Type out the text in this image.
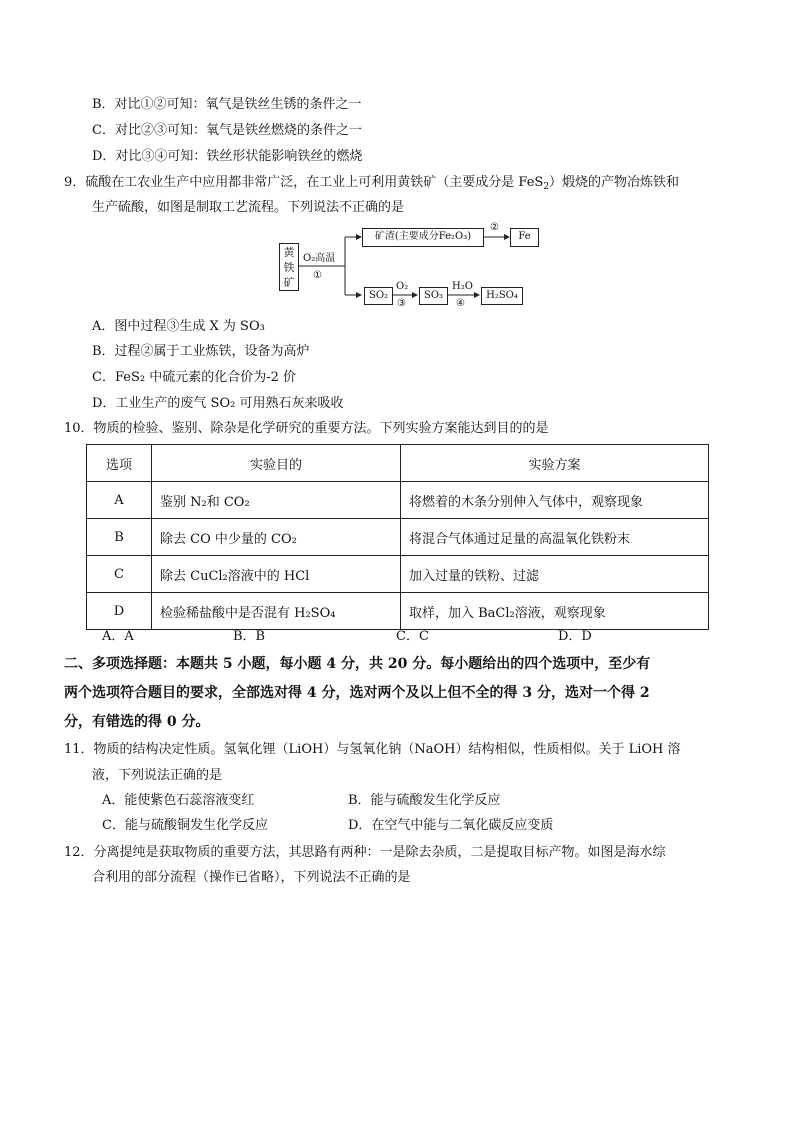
B．对比①②可知：氧气是铁丝生锈的条件之一
C．对比②③可知：氧气是铁丝燃烧的条件之一
D．对比③④可知：铁丝形状能影响铁丝的燃烧
9．硫酸在工农业生产中应用都非常广泛，在工业上可利用黄铁矿（主要成分是 FeS$_2$）煅烧的产物冶炼铁和
生产硫酸，如图是制取工艺流程。下列说法不正确的是
黄铁矿
O₂高温
①
矿渣(主要成分Fe₂O₃)
②
Fe
SO₂
O₂
③
SO₃
H₂O
④
H₂SO₄
A．图中过程③生成 X 为 SO₃
B．过程②属于工业炼铁，设备为高炉
C．FeS₂ 中硫元素的化合价为-2 价
D．工业生产的废气 SO₂ 可用熟石灰来吸收
10．物质的检验、鉴别、除杂是化学研究的重要方法。下列实验方案能达到目的的是
选项	实验目的	实验方案
A	鉴别 N₂和 CO₂	将燃着的木条分别伸入气体中，观察现象
B	除去 CO 中少量的 CO₂	将混合气体通过足量的高温氧化铁粉末
C	除去 CuCl₂溶液中的 HCl	加入过量的铁粉、过滤
D	检验稀盐酸中是否混有 H₂SO₄	取样，加入 BaCl₂溶液，观察现象
A．A	B．B	C．C	D．D
二、多项选择题：本题共 5 小题，每小题 4 分，共 20 分。每小题给出的四个选项中，至少有
两个选项符合题目的要求，全部选对得 4 分，选对两个及以上但不全的得 3 分，选对一个得 2
分，有错选的得 0 分。
11．物质的结构决定性质。氢氧化锂（LiOH）与氢氧化钠（NaOH）结构相似，性质相似。关于 LiOH 溶
液，下列说法正确的是
A．能使紫色石蕊溶液变红	B．能与硫酸发生化学反应
C．能与硫酸铜发生化学反应	D．在空气中能与二氧化碳反应变质
12．分离提纯是获取物质的重要方法，其思路有两种：一是除去杂质，二是提取目标产物。如图是海水综
合利用的部分流程（操作已省略），下列说法不正确的是
